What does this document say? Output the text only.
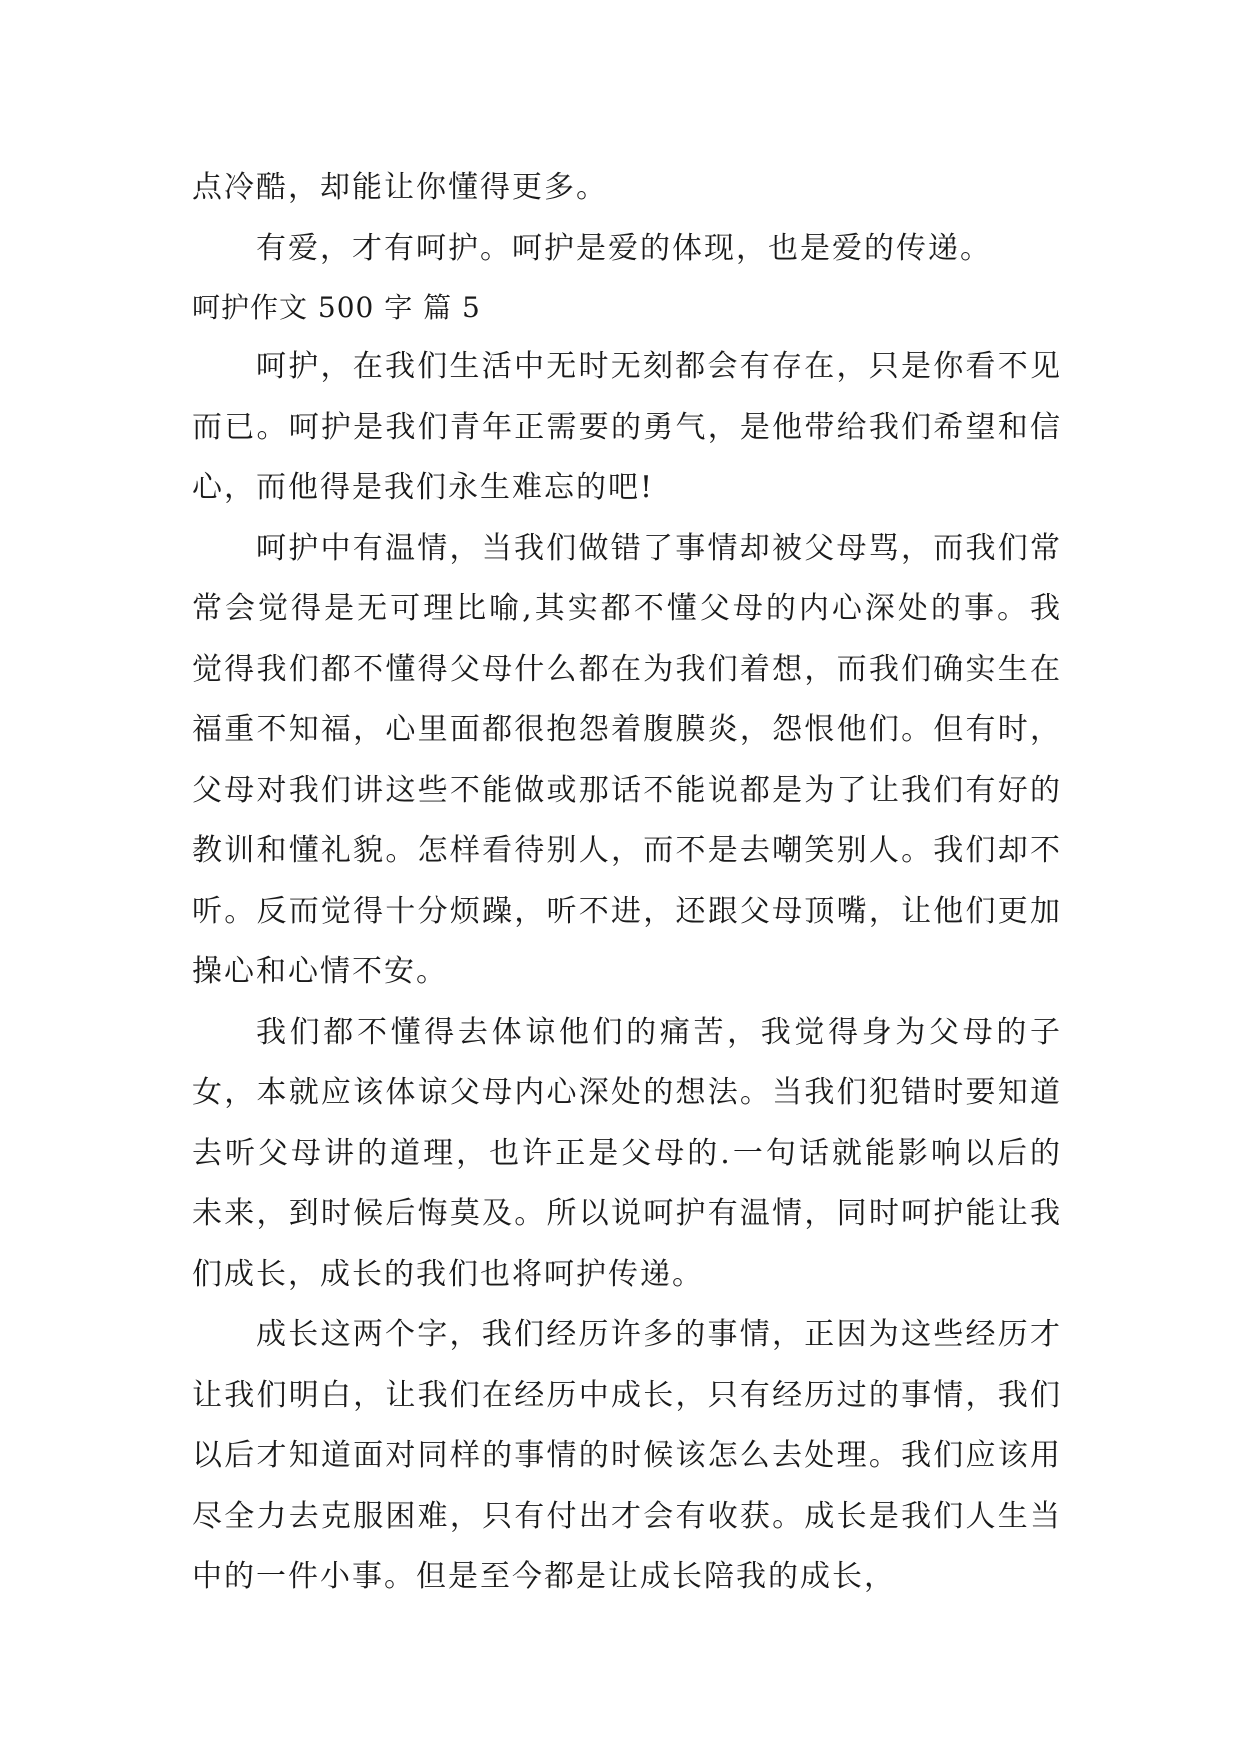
点冷酷，却能让你懂得更多。

有爱，才有呵护。呵护是爱的体现，也是爱的传递。

呵护作文 500 字 篇 5

呵护，在我们生活中无时无刻都会有存在，只是你看不见而已。呵护是我们青年正需要的勇气，是他带给我们希望和信心，而他得是我们永生难忘的吧!

呵护中有温情，当我们做错了事情却被父母骂，而我们常常会觉得是无可理比喻,其实都不懂父母的内心深处的事。我觉得我们都不懂得父母什么都在为我们着想，而我们确实生在福重不知福，心里面都很抱怨着腹膜炎，怨恨他们。但有时，父母对我们讲这些不能做或那话不能说都是为了让我们有好的教训和懂礼貌。怎样看待别人，而不是去嘲笑别人。我们却不听。反而觉得十分烦躁，听不进，还跟父母顶嘴，让他们更加操心和心情不安。

我们都不懂得去体谅他们的痛苦，我觉得身为父母的子女，本就应该体谅父母内心深处的想法。当我们犯错时要知道去听父母讲的道理，也许正是父母的.一句话就能影响以后的未来，到时候后悔莫及。所以说呵护有温情，同时呵护能让我们成长，成长的我们也将呵护传递。

成长这两个字，我们经历许多的事情，正因为这些经历才让我们明白，让我们在经历中成长，只有经历过的事情，我们以后才知道面对同样的事情的时候该怎么去处理。我们应该用尽全力去克服困难，只有付出才会有收获。成长是我们人生当中的一件小事。但是至今都是让成长陪我的成长，
